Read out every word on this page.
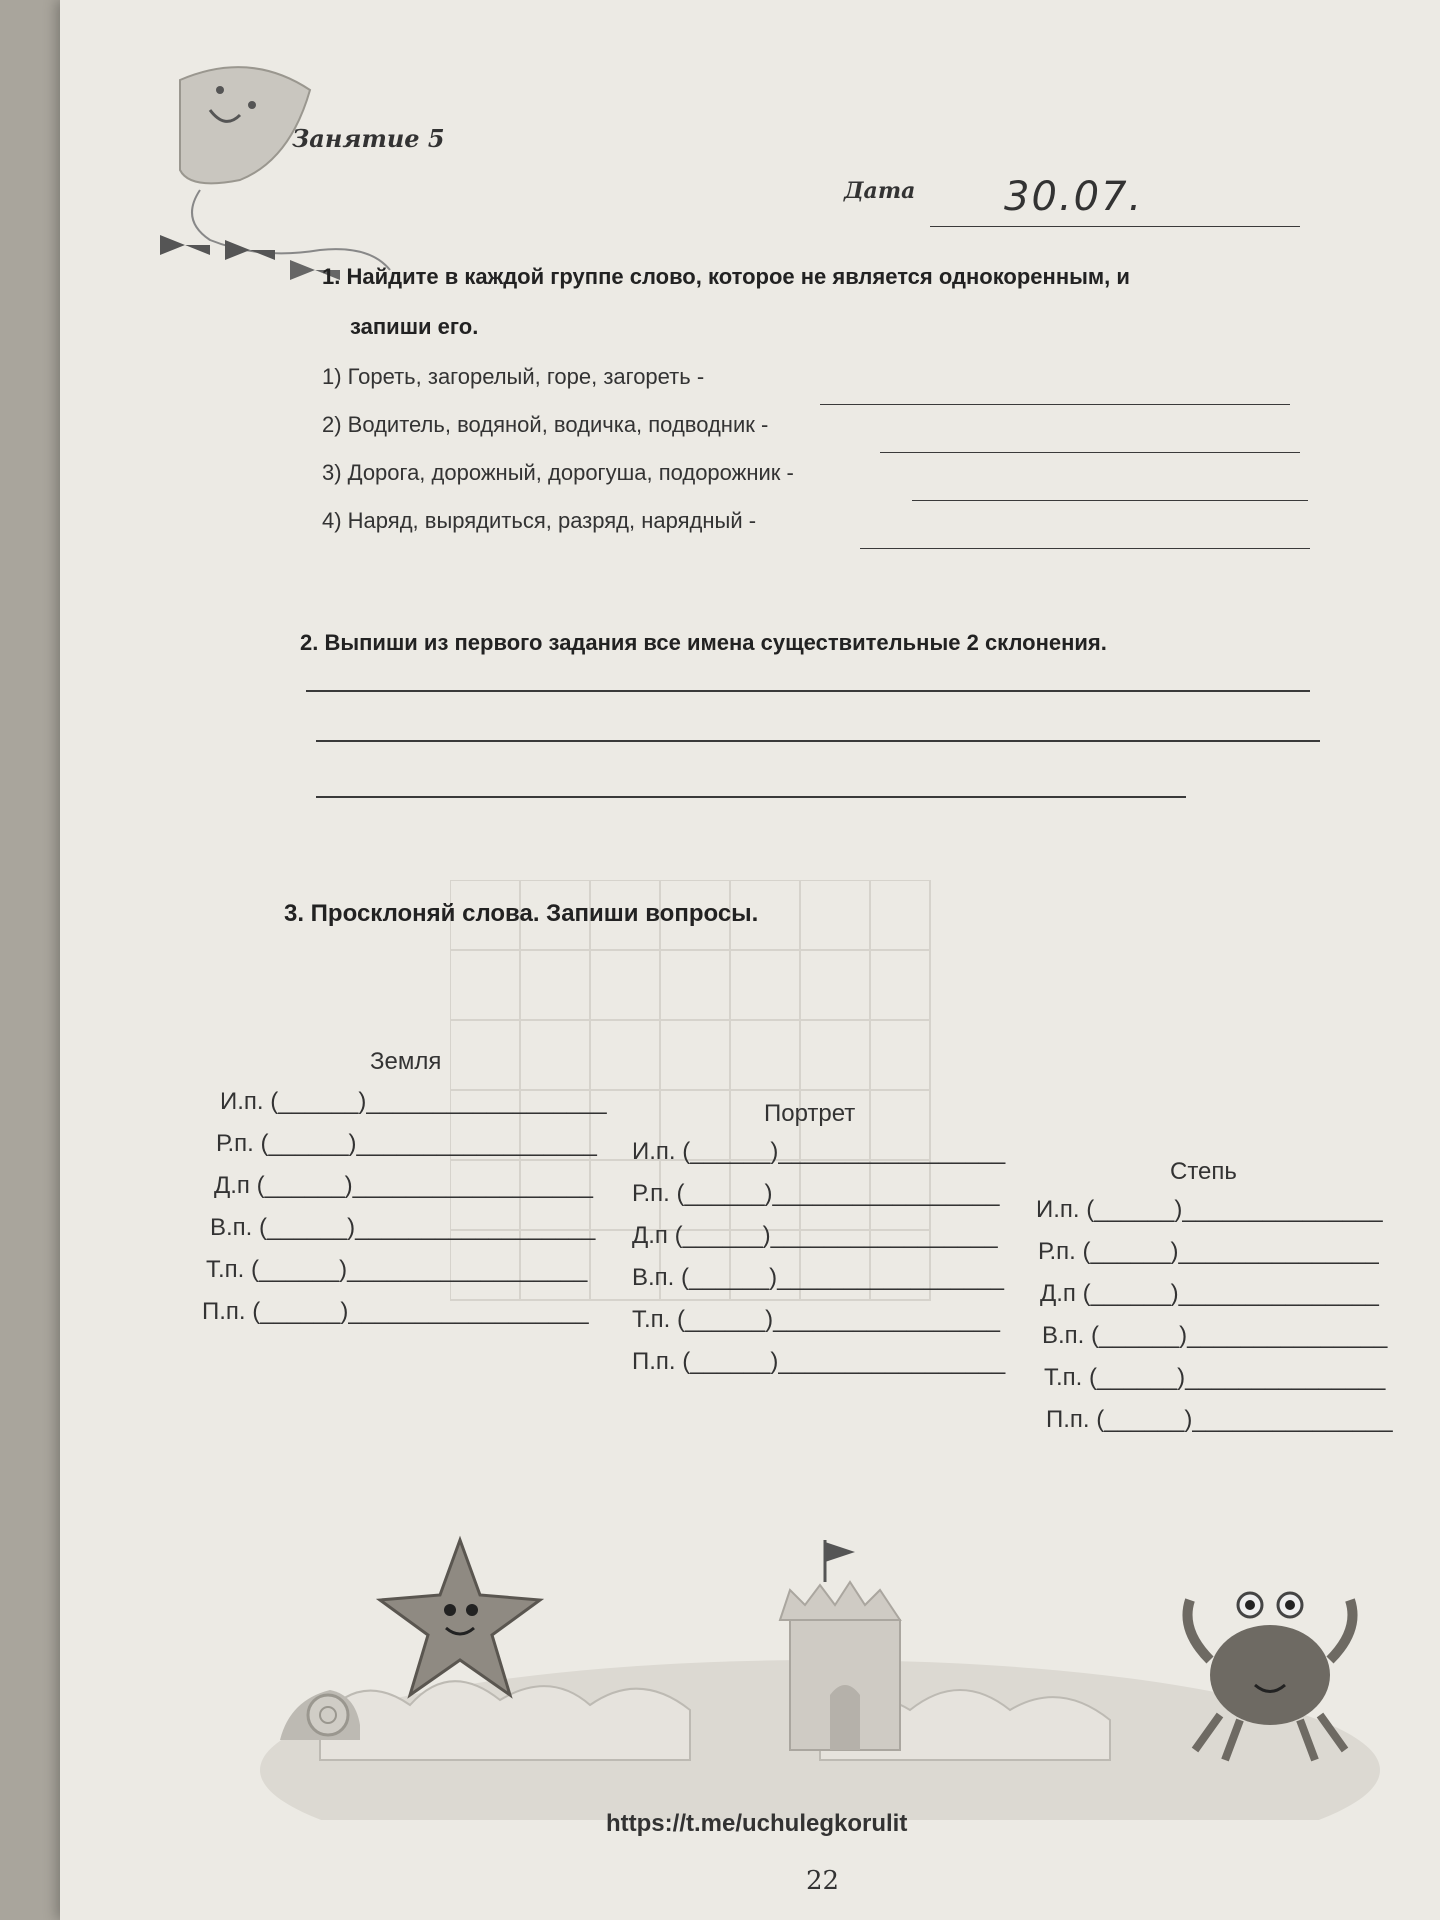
Занятие 5
Дата 30.07.
1. Найдите в каждой группе слово, которое не является однокоренным, и
запиши его.
1) Гореть, загорелый, горе, загореть -
2) Водитель, водяной, водичка, подводник -
3) Дорога, дорожный, дорогуша, подорожник -
4) Наряд, вырядиться, разряд, нарядный -
2. Выпиши из первого задания все имена существительные 2 склонения.
3. Просклоняй слова. Запиши вопросы.
Земля
И.п. (______)__________________
Р.п. (______)__________________
Д.п (______)__________________
В.п. (______)__________________
Т.п. (______)__________________
П.п. (______)__________________
Портрет
И.п. (______)_________________
Р.п. (______)_________________
Д.п (______)_________________
В.п. (______)_________________
Т.п. (______)_________________
П.п. (______)_________________
Степь
И.п. (______)_______________
Р.п. (______)_______________
Д.п (______)_______________
В.п. (______)_______________
Т.п. (______)_______________
П.п. (______)_______________
https://t.me/uchulegkorulit
22
